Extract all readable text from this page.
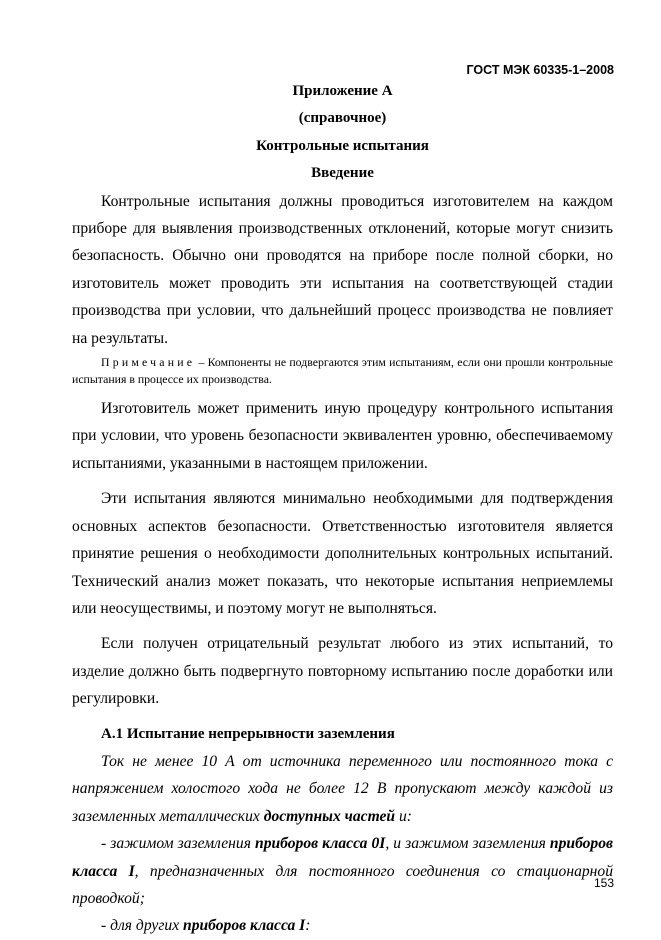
ГОСТ МЭК 60335-1–2008
Приложение А
(справочное)
Контрольные испытания
Введение

Контрольные испытания должны проводиться изготовителем на каждом приборе для выявления производственных отклонений, которые могут снизить безопасность. Обычно они проводятся на приборе после полной сборки, но изготовитель может проводить эти испытания на соответствующей стадии производства при условии, что дальнейший процесс производства не повлияет на результаты.

Примечание – Компоненты не подвергаются этим испытаниям, если они прошли контрольные испытания в процессе их производства.

Изготовитель может применить иную процедуру контрольного испытания при условии, что уровень безопасности эквивалентен уровню, обеспечиваемому испытаниями, указанными в настоящем приложении.

Эти испытания являются минимально необходимыми для подтверждения основных аспектов безопасности. Ответственностью изготовителя является принятие решения о необходимости дополнительных контрольных испытаний. Технический анализ может показать, что некоторые испытания неприемлемы или неосуществимы, и поэтому могут не выполняться.

Если получен отрицательный результат любого из этих испытаний, то изделие должно быть подвергнуто повторному испытанию после доработки или регулировки.

А.1 Испытание непрерывности заземления

Ток не менее 10 А от источника переменного или постоянного тока с напряжением холостого хода не более 12 В пропускают между каждой из заземленных металлических доступных частей и:

- зажимом заземления приборов класса 0I, и зажимом заземления приборов класса I, предназначенных для постоянного соединения со стационарной проводкой;

- для других приборов класса I:

153
